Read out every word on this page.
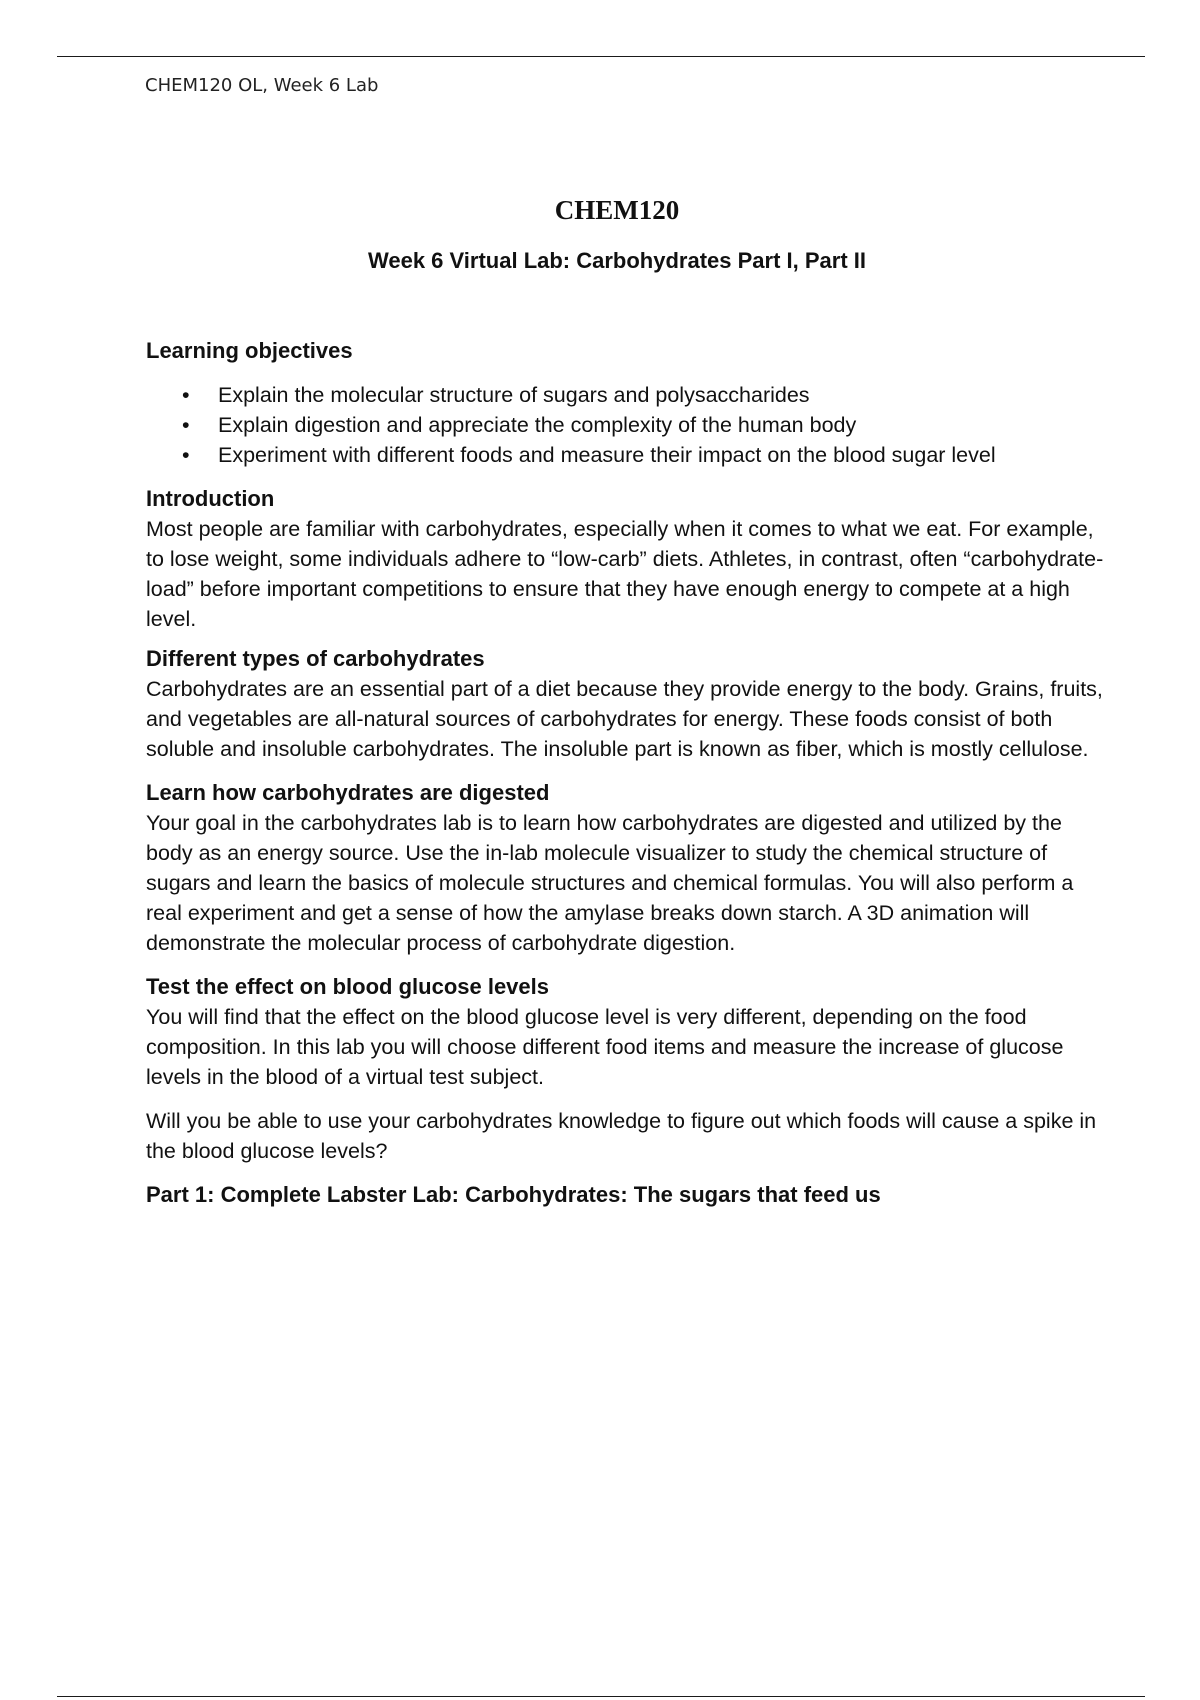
CHEM120 OL, Week 6 Lab
CHEM120
Week 6 Virtual Lab: Carbohydrates Part I, Part II

Learning objectives

• Explain the molecular structure of sugars and polysaccharides
• Explain digestion and appreciate the complexity of the human body
• Experiment with different foods and measure their impact on the blood sugar level

Introduction

Most people are familiar with carbohydrates, especially when it comes to what we eat. For example, to lose weight, some individuals adhere to “low-carb” diets. Athletes, in contrast, often “carbohydrate-load” before important competitions to ensure that they have enough energy to compete at a high level.

Different types of carbohydrates

Carbohydrates are an essential part of a diet because they provide energy to the body. Grains, fruits, and vegetables are all-natural sources of carbohydrates for energy. These foods consist of both soluble and insoluble carbohydrates. The insoluble part is known as fiber, which is mostly cellulose.

Learn how carbohydrates are digested

Your goal in the carbohydrates lab is to learn how carbohydrates are digested and utilized by the body as an energy source. Use the in-lab molecule visualizer to study the chemical structure of sugars and learn the basics of molecule structures and chemical formulas. You will also perform a real experiment and get a sense of how the amylase breaks down starch. A 3D animation will demonstrate the molecular process of carbohydrate digestion.

Test the effect on blood glucose levels

You will find that the effect on the blood glucose level is very different, depending on the food composition. In this lab you will choose different food items and measure the increase of glucose levels in the blood of a virtual test subject.

Will you be able to use your carbohydrates knowledge to figure out which foods will cause a spike in the blood glucose levels?

Part 1: Complete Labster Lab: Carbohydrates: The sugars that feed us
